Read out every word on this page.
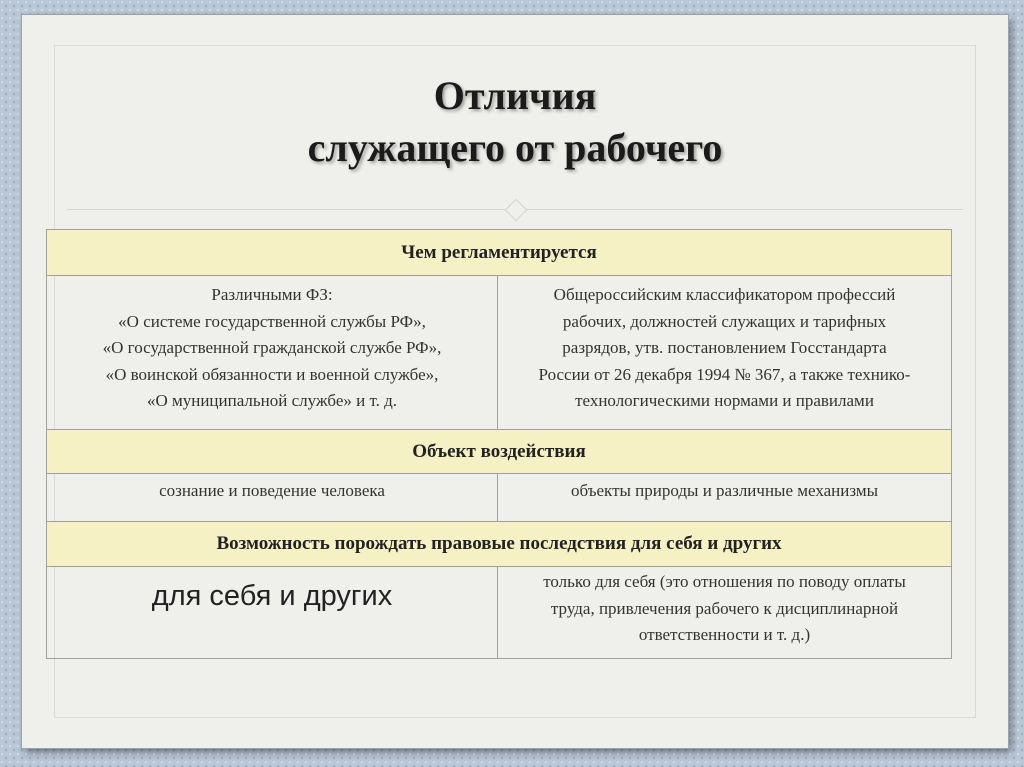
Отличия
служащего от рабочего
Чем регламентируется
Различными ФЗ:
«О системе государственной службы РФ»,
«О государственной гражданской службе РФ»,
«О воинской обязанности и военной службе»,
«О муниципальной службе» и т. д.
Общероссийским классификатором профессий
рабочих, должностей служащих и тарифных
разрядов, утв. постановлением Госстандарта
России от 26 декабря 1994 № 367, а также технико-
технологическими нормами и правилами
Объект воздействия
сознание и поведение человека	объекты природы и различные механизмы
Возможность порождать правовые последствия для себя и других
для себя и других	только для себя (это отношения по поводу оплаты
труда, привлечения рабочего к дисциплинарной
ответственности и т. д.)
